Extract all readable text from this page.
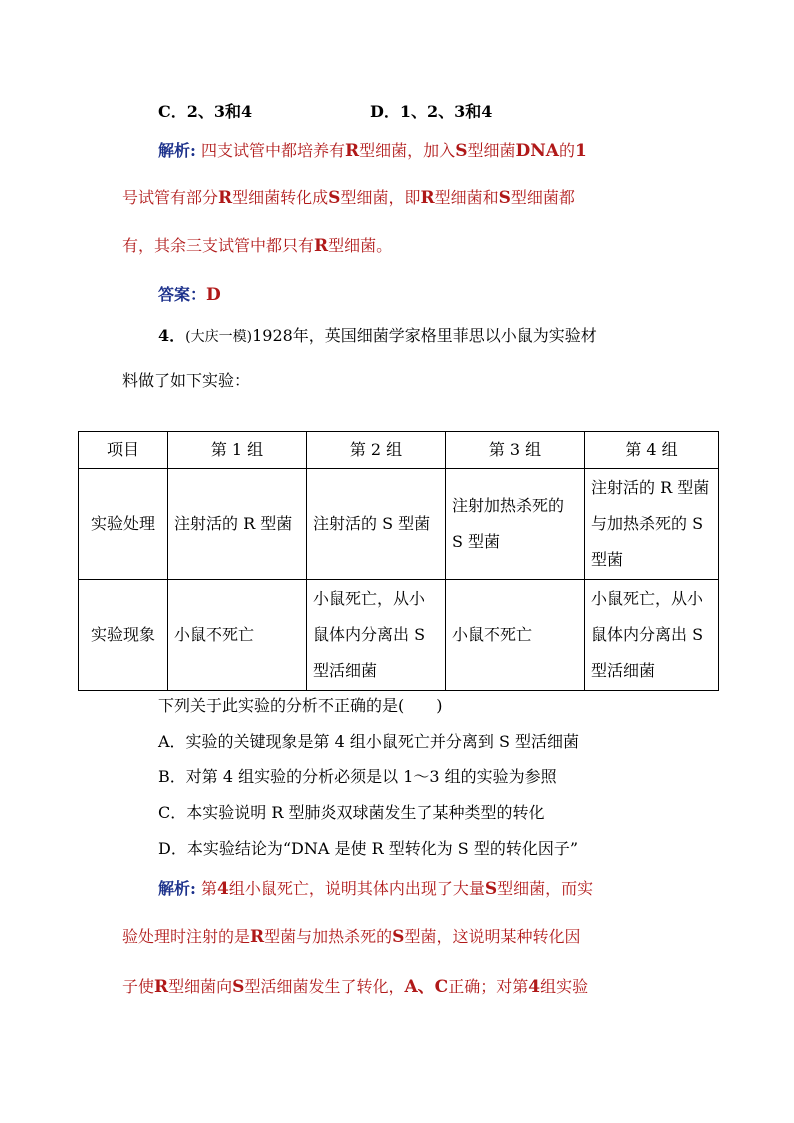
C．2、3和4	D．1、2、3和4
解析: 四支试管中都培养有R型细菌，加入S型细菌DNA的1
号试管有部分R型细菌转化成S型细菌，即R型细菌和S型细菌都
有，其余三支试管中都只有R型细菌。
答案：D
4．(大庆一模)1928年，英国细菌学家格里菲思以小鼠为实验材
料做了如下实验：
项目	第 1 组	第 2 组	第 3 组	第 4 组
实验处理	注射活的 R 型菌	注射活的 S 型菌	注射加热杀死的 S 型菌	注射活的 R 型菌与加热杀死的 S 型菌
实验现象	小鼠不死亡	小鼠死亡，从小鼠体内分离出 S 型活细菌	小鼠不死亡	小鼠死亡，从小鼠体内分离出 S 型活细菌
下列关于此实验的分析不正确的是(　　)
A．实验的关键现象是第 4 组小鼠死亡并分离到 S 型活细菌
B．对第 4 组实验的分析必须是以 1～3 组的实验为参照
C．本实验说明 R 型肺炎双球菌发生了某种类型的转化
D．本实验结论为“DNA 是使 R 型转化为 S 型的转化因子”
解析: 第4组小鼠死亡，说明其体内出现了大量S型细菌，而实
验处理时注射的是R型菌与加热杀死的S型菌，这说明某种转化因
子使R型细菌向S型活细菌发生了转化，A、C正确；对第4组实验
